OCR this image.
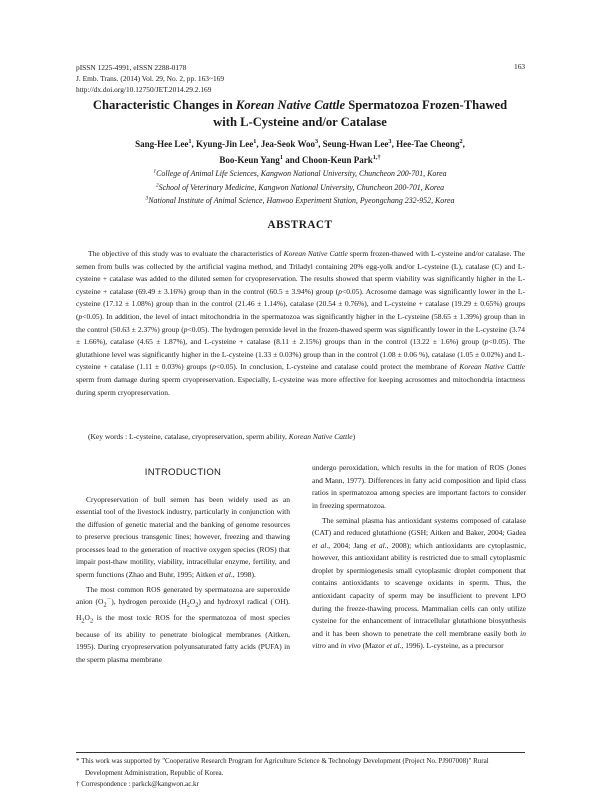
pISSN 1225-4991, eISSN 2288-0178
J. Emb. Trans. (2014) Vol. 29, No. 2, pp. 163~169
http://dx.doi.org/10.12750/JET.2014.29.2.169
163
Characteristic Changes in Korean Native Cattle Spermatozoa Frozen-Thawed
with L-Cysteine and/or Catalase
Sang-Hee Lee$^1$, Kyung-Jin Lee$^1$, Jea-Seok Woo$^3$, Seung-Hwan Lee$^3$, Hee-Tae Cheong$^2$,
Boo-Keun Yang$^1$ and Choon-Keun Park$^{1,\dagger}$
$^1$College of Animal Life Sciences, Kangwon National University, Chuncheon 200-701, Korea
$^2$School of Veterinary Medicine, Kangwon National University, Chuncheon 200-701, Korea
$^3$National Institute of Animal Science, Hanwoo Experiment Station, Pyeongchang 232-952, Korea
ABSTRACT

The objective of this study was to evaluate the characteristics of Korean Native Cattle sperm frozen-thawed with L-cysteine and/or catalase. The semen from bulls was collected by the artificial vagina method, and Triladyl containing 20% egg-yolk and/or L-cysteine (L), catalase (C) and L-cysteine + catalase was added to the diluted semen for cryopreservation. The results showed that sperm viability was significantly higher in the L-cysteine + catalase (69.49 ± 3.16%) group than in the control (60.5 ± 3.94%) group (p<0.05). Acrosome damage was significantly lower in the L-cysteine (17.12 ± 1.08%) group than in the control (21.46 ± 1.14%), catalase (20.54 ± 0.76%), and L-cysteine + catalase (19.29 ± 0.65%) groups (p<0.05). In addition, the level of intact mitochondria in the spermatozoa was significantly higher in the L-cysteine (58.65 ± 1.39%) group than in the control (50.63 ± 2.37%) group (p<0.05). The hydrogen peroxide level in the frozen-thawed sperm was significantly lower in the L-cysteine (3.74 ± 1.66%), catalase (4.65 ± 1.87%), and L-cysteine + catalase (8.11 ± 2.15%) groups than in the control (13.22 ± 1.6%) group (p<0.05). The glutathione level was significantly higher in the L-cysteine (1.33 ± 0.03%) group than in the control (1.08 ± 0.06 %), catalase (1.05 ± 0.02%) and L-cysteine + catalase (1.11 ± 0.03%) groups (p<0.05). In conclusion, L-cysteine and catalase could protect the membrane of Korean Native Cattle sperm from damage during sperm cryopreservation. Especially, L-cysteine was more effective for keeping acrosomes and mitochondria intactness during sperm cryopreservation.

(Key words : L-cysteine, catalase, cryopreservation, sperm ability, Korean Native Cattle)

INTRODUCTION

Cryopreservation of bull semen has been widely used as an essential tool of the livestock industry, particularly in conjunction with the diffusion of genetic material and the banking of genome resources to preserve precious transgenic lines; however, freezing and thawing processes lead to the generation of reactive oxygen species (ROS) that impair post-thaw motility, viability, intracellular enzyme, fertility, and sperm functions (Zhao and Buhr, 1995; Aitken et al., 1998).

The most common ROS generated by spermatozoa are superoxide anion $(O_2^{\cdot-})$, hydrogen peroxide $(H_2O_2)$ and hydroxyl radical (·OH). $H_2O_2$ is the most toxic ROS for the spermatozoa of most species because of its ability to penetrate biological membranes (Aitken, 1995). During cryopreservation polyunsaturated fatty acids (PUFA) in the sperm plasma membrane

undergo peroxidation, which results in the for mation of ROS (Jones and Mann, 1977). Differences in fatty acid composition and lipid class ratios in spermatozoa among species are important factors to consider in freezing spermatozoa.

The seminal plasma has antioxidant systems composed of catalase (CAT) and reduced glutathione (GSH; Aitken and Baker, 2004; Gadea et al., 2004; Jang et al., 2008); which antioxidants are cytoplasmic, however, this antioxidant ability is restricted due to small cytoplasmic droplet by spermiogenesis small cytoplasmic droplet component that contains antioxidants to scavenge oxidants in sperm. Thus, the antioxidant capacity of sperm may be insufficient to prevent LPO during the freeze-thawing process. Mammalian cells can only utilize cysteine for the enhancement of intracellular glutathione biosynthesis and it has been shown to penetrate the cell membrane easily both in vitro and in vivo (Mazor et al., 1996). L-cysteine, as a precursor

* This work was supported by "Cooperative Research Program for Agriculture Science & Technology Development (Project No. PJ907008)" Rural Development Administration, Republic of Korea.
† Correspondence : parkck@kangwon.ac.kr
